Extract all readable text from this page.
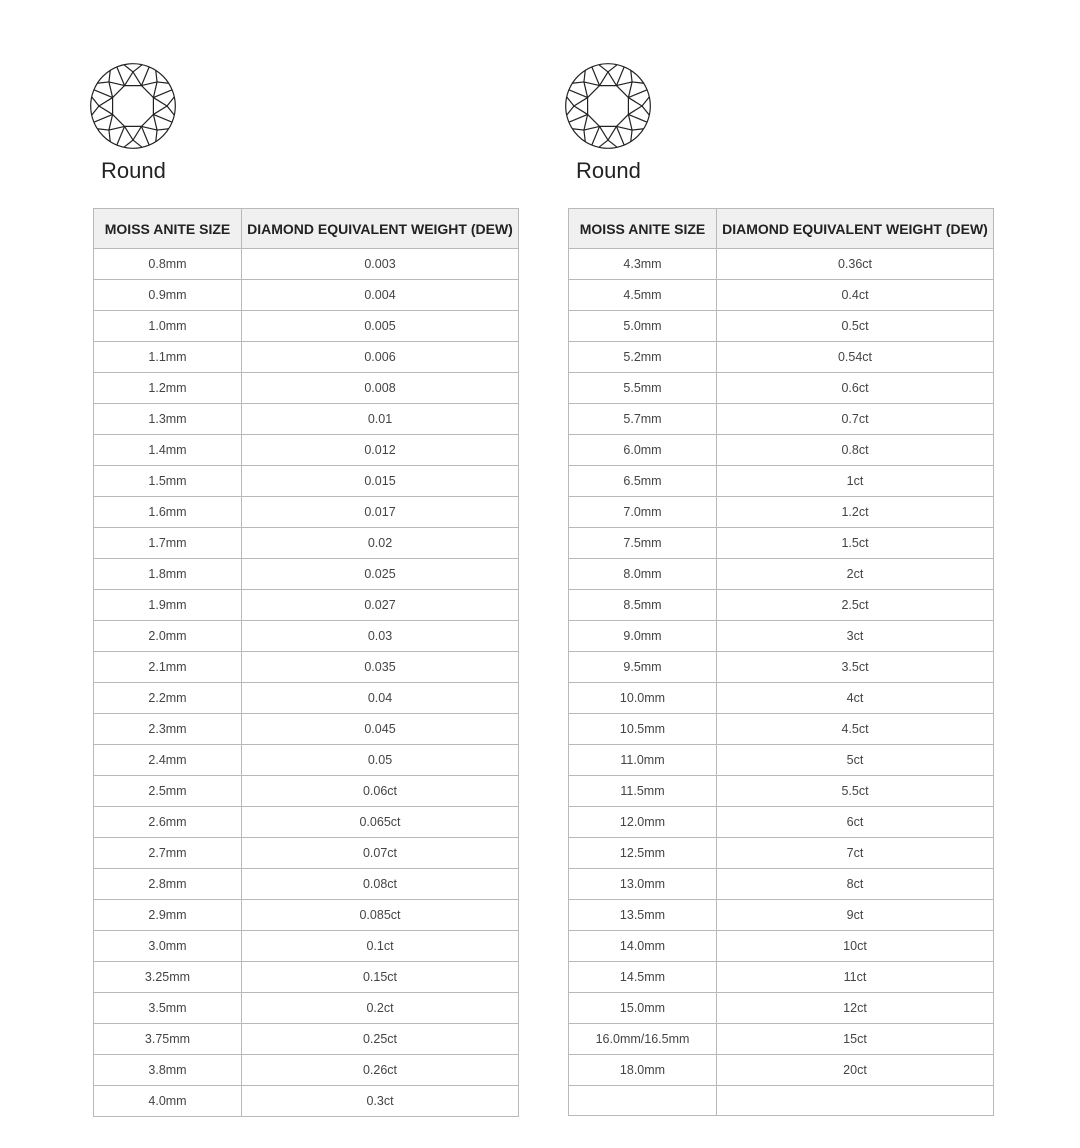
Round
MOISS ANITE SIZE	DIAMOND EQUIVALENT WEIGHT (DEW)
0.8mm	0.003
0.9mm	0.004
1.0mm	0.005
1.1mm	0.006
1.2mm	0.008
1.3mm	0.01
1.4mm	0.012
1.5mm	0.015
1.6mm	0.017
1.7mm	0.02
1.8mm	0.025
1.9mm	0.027
2.0mm	0.03
2.1mm	0.035
2.2mm	0.04
2.3mm	0.045
2.4mm	0.05
2.5mm	0.06ct
2.6mm	0.065ct
2.7mm	0.07ct
2.8mm	0.08ct
2.9mm	0.085ct
3.0mm	0.1ct
3.25mm	0.15ct
3.5mm	0.2ct
3.75mm	0.25ct
3.8mm	0.26ct
4.0mm	0.3ct
Round
MOISS ANITE SIZE	DIAMOND EQUIVALENT WEIGHT (DEW)
4.3mm	0.36ct
4.5mm	0.4ct
5.0mm	0.5ct
5.2mm	0.54ct
5.5mm	0.6ct
5.7mm	0.7ct
6.0mm	0.8ct
6.5mm	1ct
7.0mm	1.2ct
7.5mm	1.5ct
8.0mm	2ct
8.5mm	2.5ct
9.0mm	3ct
9.5mm	3.5ct
10.0mm	4ct
10.5mm	4.5ct
11.0mm	5ct
11.5mm	5.5ct
12.0mm	6ct
12.5mm	7ct
13.0mm	8ct
13.5mm	9ct
14.0mm	10ct
14.5mm	11ct
15.0mm	12ct
16.0mm/16.5mm	15ct
18.0mm	20ct
